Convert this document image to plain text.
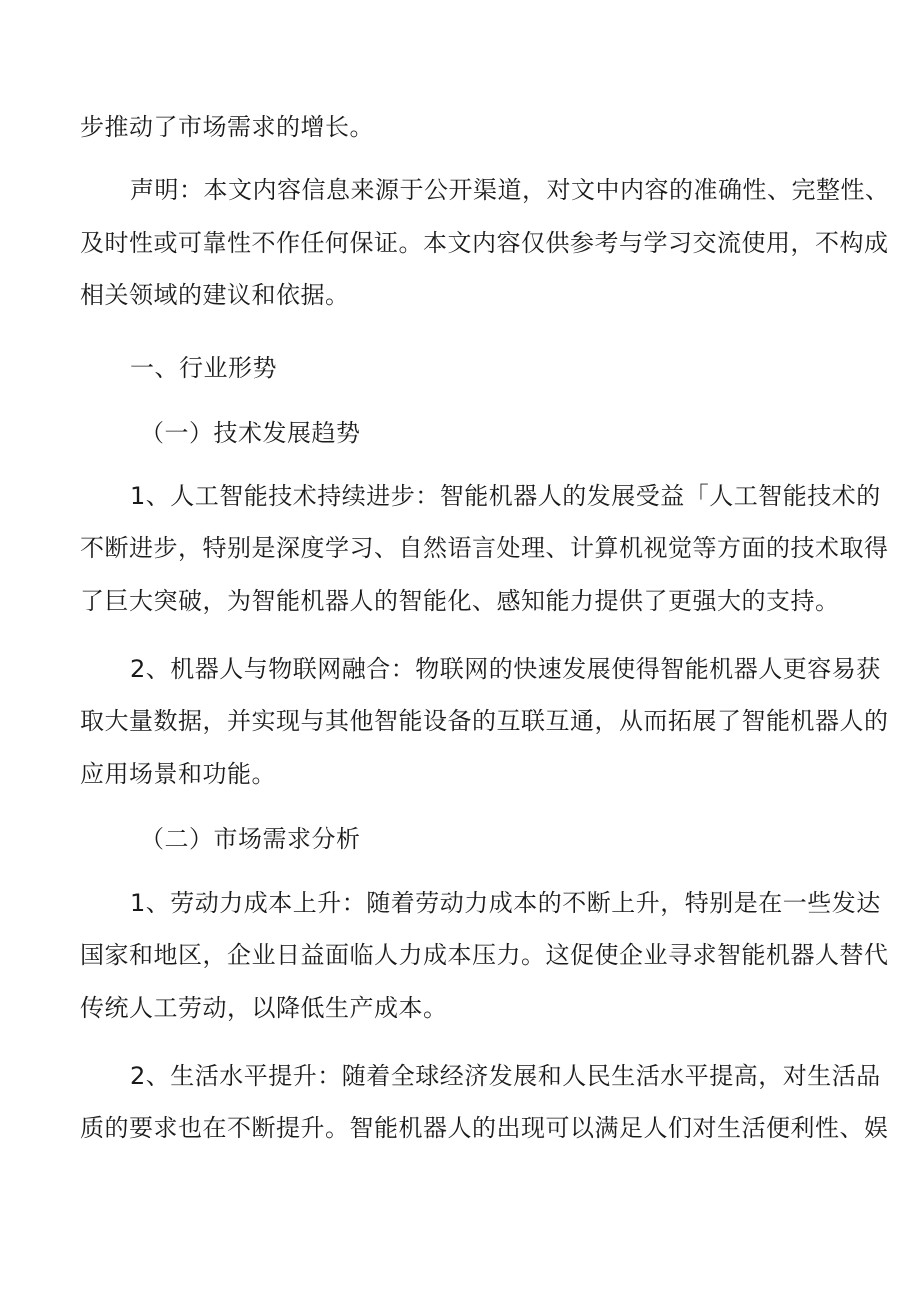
步推动了市场需求的增长。
声明：本文内容信息来源于公开渠道，对文中内容的准确性、完整性、
及时性或可靠性不作任何保证。本文内容仅供参考与学习交流使用，不构成
相关领域的建议和依据。
一、行业形势
（一）技术发展趋势
1、人工智能技术持续进步：智能机器人的发展受益「人工智能技术的
不断进步，特别是深度学习、自然语言处理、计算机视觉等方面的技术取得
了巨大突破，为智能机器人的智能化、感知能力提供了更强大的支持。
2、机器人与物联网融合：物联网的快速发展使得智能机器人更容易获
取大量数据，并实现与其他智能设备的互联互通，从而拓展了智能机器人的
应用场景和功能。
（二）市场需求分析
1、劳动力成本上升：随着劳动力成本的不断上升，特别是在一些发达
国家和地区，企业日益面临人力成本压力。这促使企业寻求智能机器人替代
传统人工劳动，以降低生产成本。
2、生活水平提升：随着全球经济发展和人民生活水平提高，对生活品
质的要求也在不断提升。智能机器人的出现可以满足人们对生活便利性、娱
